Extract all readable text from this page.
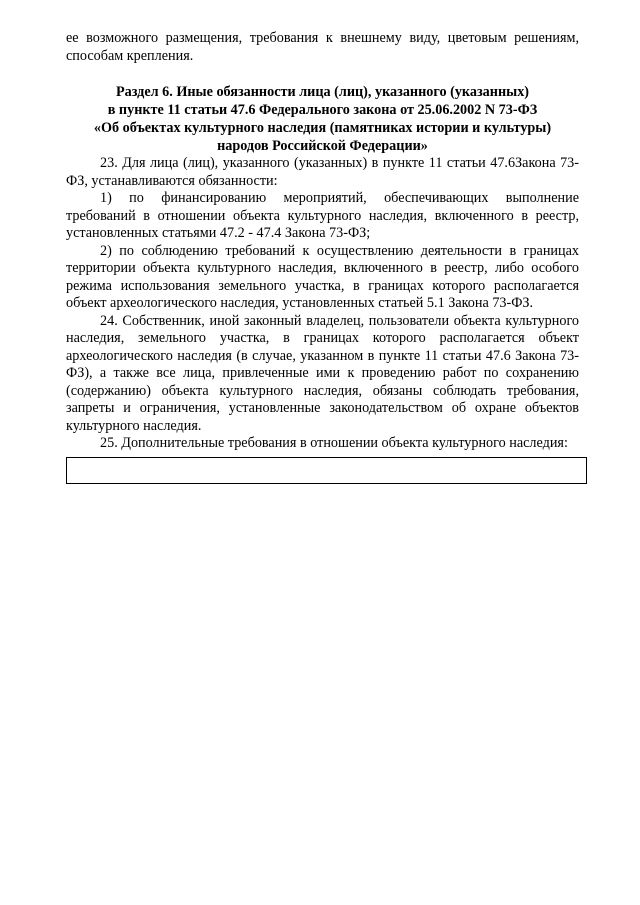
ее возможного размещения, требования к внешнему виду, цветовым решениям, способам крепления.

Раздел 6. Иные обязанности лица (лиц), указанного (указанных)
в пункте 11 статьи 47.6 Федерального закона от 25.06.2002 N 73-ФЗ
«Об объектах культурного наследия (памятниках истории и культуры)
народов Российской Федерации»

23. Для лица (лиц), указанного (указанных) в пункте 11 статьи 47.6Закона 73-ФЗ, устанавливаются обязанности:

1) по финансированию мероприятий, обеспечивающих выполнение требований в отношении объекта культурного наследия, включенного в реестр, установленных статьями 47.2 - 47.4 Закона 73-ФЗ;

2) по соблюдению требований к осуществлению деятельности в границах территории объекта культурного наследия, включенного в реестр, либо особого режима использования земельного участка, в границах которого располагается объект археологического наследия, установленных статьей 5.1 Закона 73-ФЗ.

24. Собственник, иной законный владелец, пользователи объекта культурного наследия, земельного участка, в границах которого располагается объект археологического наследия (в случае, указанном в пункте 11 статьи 47.6 Закона 73-ФЗ), а также все лица, привлеченные ими к проведению работ по сохранению (содержанию) объекта культурного наследия, обязаны соблюдать требования, запреты и ограничения, установленные законодательством об охране объектов культурного наследия.

25. Дополнительные требования в отношении объекта культурного наследия:
